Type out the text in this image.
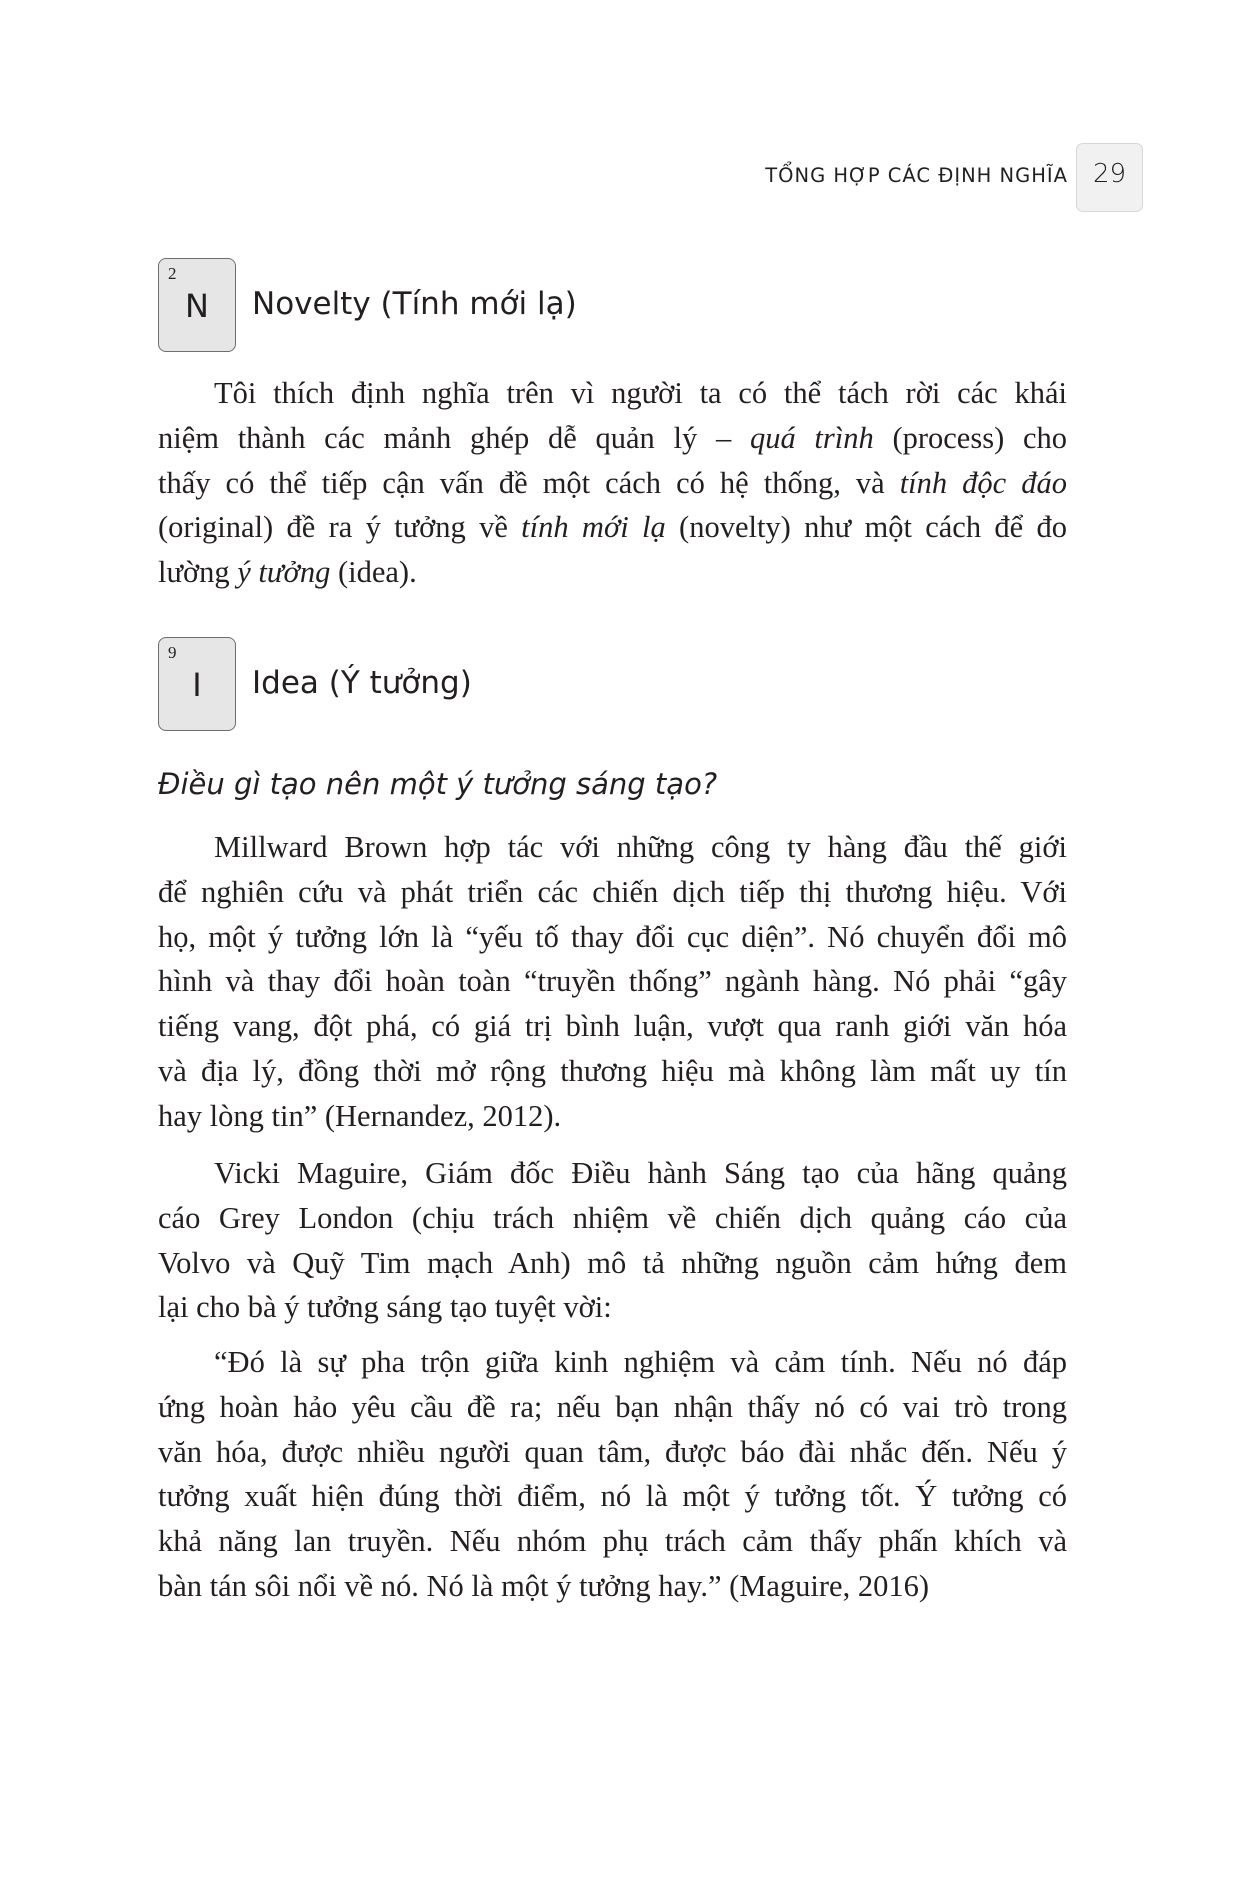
TỔNG HỢP CÁC ĐỊNH NGHĨA 29
2
N	Novelty (Tính mới lạ)
Tôi thích định nghĩa trên vì người ta có thể tách rời các khái
niệm thành các mảnh ghép dễ quản lý – quá trình (process) cho
thấy có thể tiếp cận vấn đề một cách có hệ thống, và tính độc đáo
(original) đề ra ý tưởng về tính mới lạ (novelty) như một cách để đo
lường ý tưởng (idea).
9
I	Idea (Ý tưởng)
Điều gì tạo nên một ý tưởng sáng tạo?
Millward Brown hợp tác với những công ty hàng đầu thế giới
để nghiên cứu và phát triển các chiến dịch tiếp thị thương hiệu. Với
họ, một ý tưởng lớn là “yếu tố thay đổi cục diện”. Nó chuyển đổi mô
hình và thay đổi hoàn toàn “truyền thống” ngành hàng. Nó phải “gây
tiếng vang, đột phá, có giá trị bình luận, vượt qua ranh giới văn hóa
và địa lý, đồng thời mở rộng thương hiệu mà không làm mất uy tín
hay lòng tin” (Hernandez, 2012).
Vicki Maguire, Giám đốc Điều hành Sáng tạo của hãng quảng
cáo Grey London (chịu trách nhiệm về chiến dịch quảng cáo của
Volvo và Quỹ Tim mạch Anh) mô tả những nguồn cảm hứng đem
lại cho bà ý tưởng sáng tạo tuyệt vời:
“Đó là sự pha trộn giữa kinh nghiệm và cảm tính. Nếu nó đáp
ứng hoàn hảo yêu cầu đề ra; nếu bạn nhận thấy nó có vai trò trong
văn hóa, được nhiều người quan tâm, được báo đài nhắc đến. Nếu ý
tưởng xuất hiện đúng thời điểm, nó là một ý tưởng tốt. Ý tưởng có
khả năng lan truyền. Nếu nhóm phụ trách cảm thấy phấn khích và
bàn tán sôi nổi về nó. Nó là một ý tưởng hay.” (Maguire, 2016)
